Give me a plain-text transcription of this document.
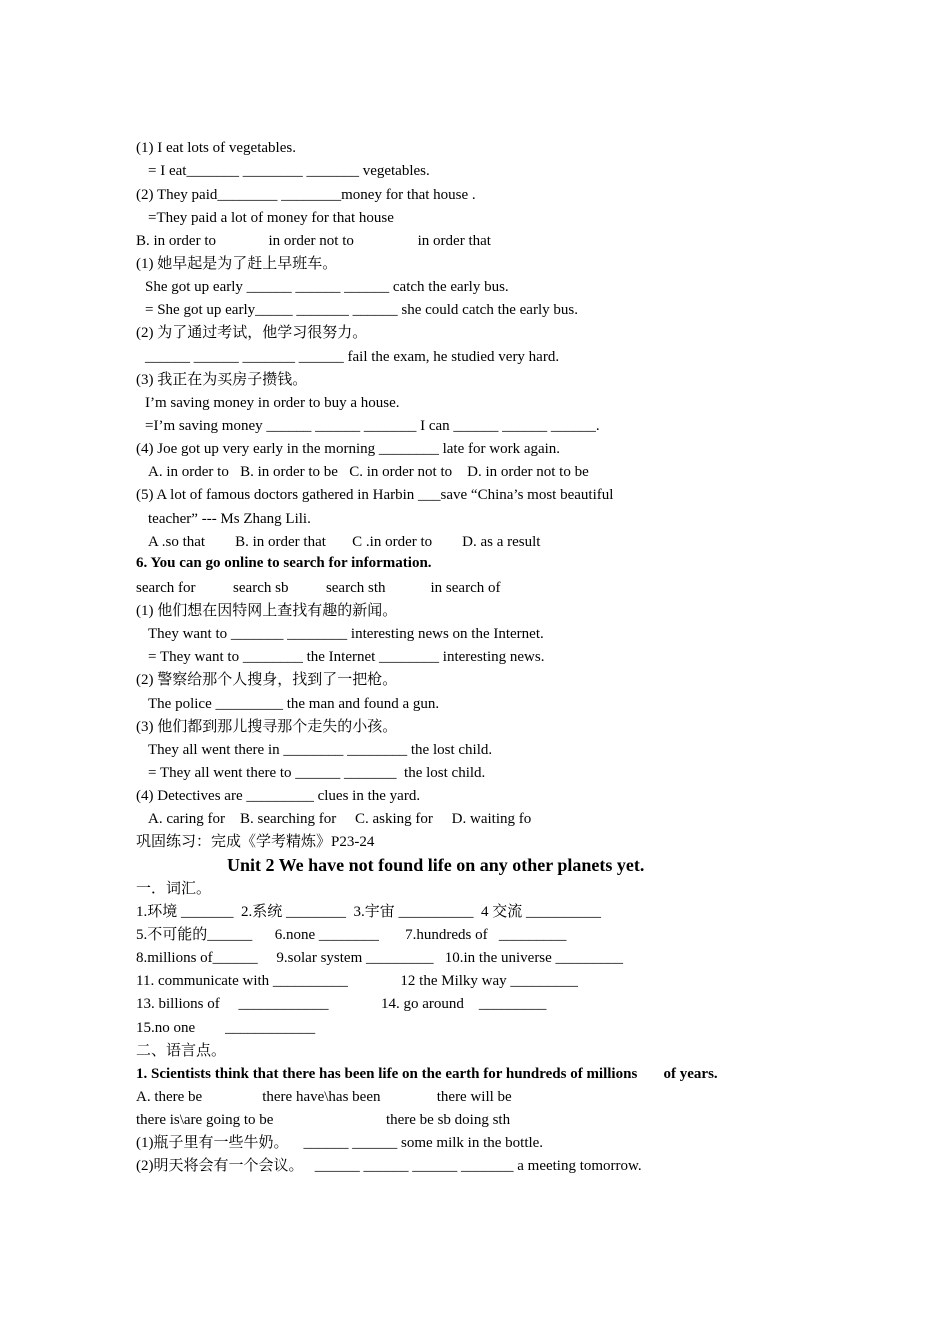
(1) I eat lots of vegetables.
= I eat_______ ________ _______ vegetables.
(2) They paid________ ________money for that house .
=They paid a lot of money for that house
B. in order to              in order not to                 in order that
(1) 她早起是为了赶上早班车。
She got up early ______ ______ ______ catch the early bus.
= She got up early_____ _______ ______ she could catch the early bus.
(2) 为了通过考试，他学习很努力。
______ ______ _______ ______ fail the exam, he studied very hard.
(3) 我正在为买房子攒钱。
I’m saving money in order to buy a house.
=I’m saving money ______ ______ _______ I can ______ ______ ______.
(4) Joe got up very early in the morning ________ late for work again.
A. in order to   B. in order to be   C. in order not to    D. in order not to be
(5) A lot of famous doctors gathered in Harbin ___save “China’s most beautiful
teacher” --- Ms Zhang Lili.
A .so that        B. in order that       C .in order to        D. as a result
6. You can go online to search for information.
search for          search sb          search sth            in search of
(1) 他们想在因特网上查找有趣的新闻。
They want to _______ ________ interesting news on the Internet.
= They want to ________ the Internet ________ interesting news.
(2) 警察给那个人搜身，找到了一把枪。
The police _________ the man and found a gun.
(3) 他们都到那儿搜寻那个走失的小孩。
They all went there in ________ ________ the lost child.
= They all went there to ______ _______  the lost child.
(4) Detectives are _________ clues in the yard.
A. caring for    B. searching for     C. asking for     D. waiting fo
巩固练习：完成《学考精炼》P23-24
Unit 2 We have not found life on any other planets yet.
一．词汇。
1.环境 _______  2.系统 ________  3.宇宙 __________  4 交流 __________
5.不可能的______      6.none ________       7.hundreds of   _________
8.millions of______     9.solar system _________   10.in the universe _________
11. communicate with __________              12 the Milky way _________
13. billions of     ____________              14. go around    _________
15.no one        ____________
二、语言点。
1. Scientists think that there has been life on the earth for hundreds of millions       of years.
A. there be                there have\has been               there will be
there is\are going to be                              there be sb doing sth
(1)瓶子里有一些牛奶。    ______ ______ some milk in the bottle.
(2)明天将会有一个会议。   ______ ______ ______ _______ a meeting tomorrow.
